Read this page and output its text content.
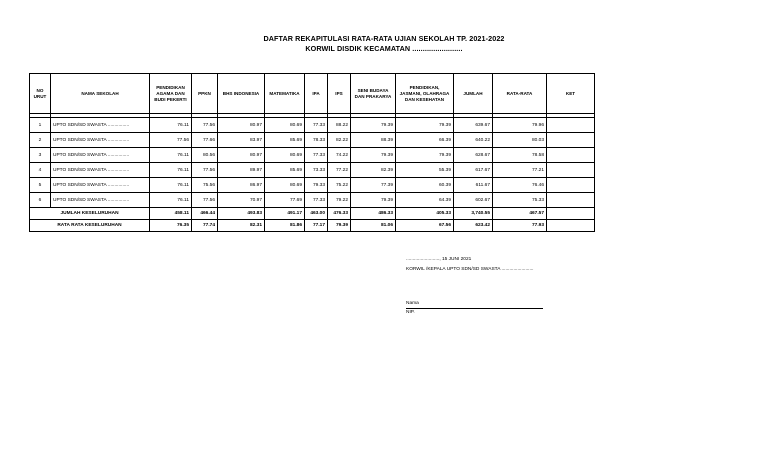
DAFTAR REKAPITULASI RATA-RATA UJIAN SEKOLAH TP. 2021-2022
KORWIL DISDIK KECAMATAN ........................
NO URUT	NAMA SEKOLAH	PENDIDIKAN AGAMA DAN BUDI PEKERTI	PPKN	BHS INDONESIA	MATEMATIKA	IPA	IPS	SENI BUDAYA DAN PRAKARYA	PENDIDIKAN, JASMANI, OLAHRAGA DAN KESEHATAN	JUMLAH	RATA-RATA	KET

1	UPTO SDN/SD SWASTA ................	76.11	77.56	80.97	80.69	77.33	88.22	79.39	79.39	639.67	79.96	
2	UPTO SDN/SD SWASTA ................	77.56	77.66	83.97	85.69	78.33	82.22	88.39	66.39	640.22	80.03	
3	UPTO SDN/SD SWASTA ................	76.11	80.56	80.97	80.69	77.33	74.22	79.39	79.39	628.67	78.58	
4	UPTO SDN/SD SWASTA ................	76.11	77.56	89.97	85.69	73.33	77.22	82.39	55.39	617.67	77.21	
5	UPTO SDN/SD SWASTA ................	76.11	75.56	86.97	80.69	79.33	75.22	77.39	60.39	611.67	76.46	
6	UPTO SDN/SD SWASTA ................	76.11	77.56	70.97	77.69	77.33	79.22	79.39	64.39	602.67	75.33	
JUMLAH KESELURUHAN		458.11	466.44	493.83	491.17	463.00	476.33	486.33	405.33	3,740.55	467.57	
RATA RATA KESELURUHAN		76.35	77.74	82.31	81.86	77.17	79.39	81.06	67.56	623.42	77.93	
........................., 15 JUNI 2021
KORWIL /KEPALA UPTO SDN/SD SWASTA ........................
Nama
NIP.
